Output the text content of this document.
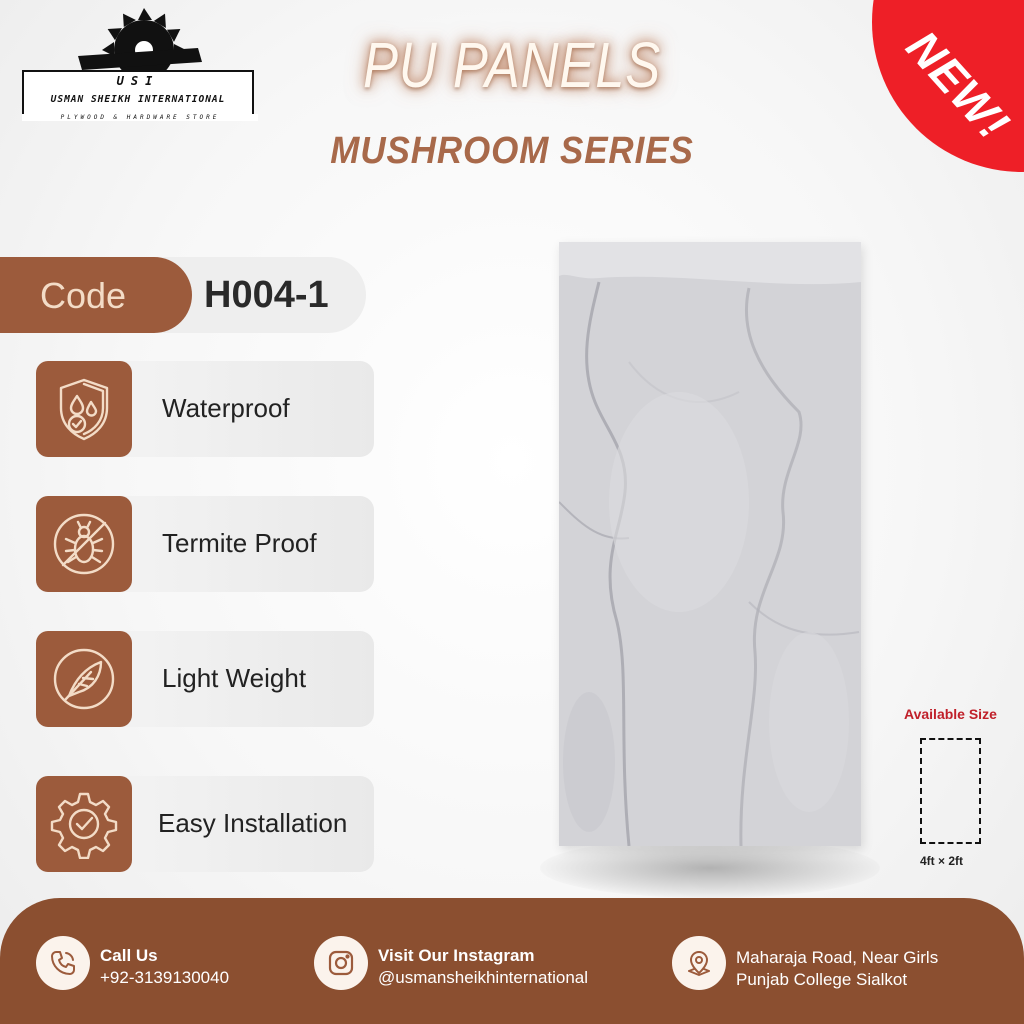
USI
USMAN SHEIKH INTERNATIONAL
PLYWOOD & HARDWARE STORE
PU PANELS
MUSHROOM SERIES
NEW!
Code H004-1
Waterproof
Termite Proof
Light Weight
Easy Installation
Available Size
4ft × 2ft
Call Us
+92-3139130040
Visit Our Instagram
@usmansheikhinternational
Maharaja Road, Near Girls
Punjab College Sialkot
